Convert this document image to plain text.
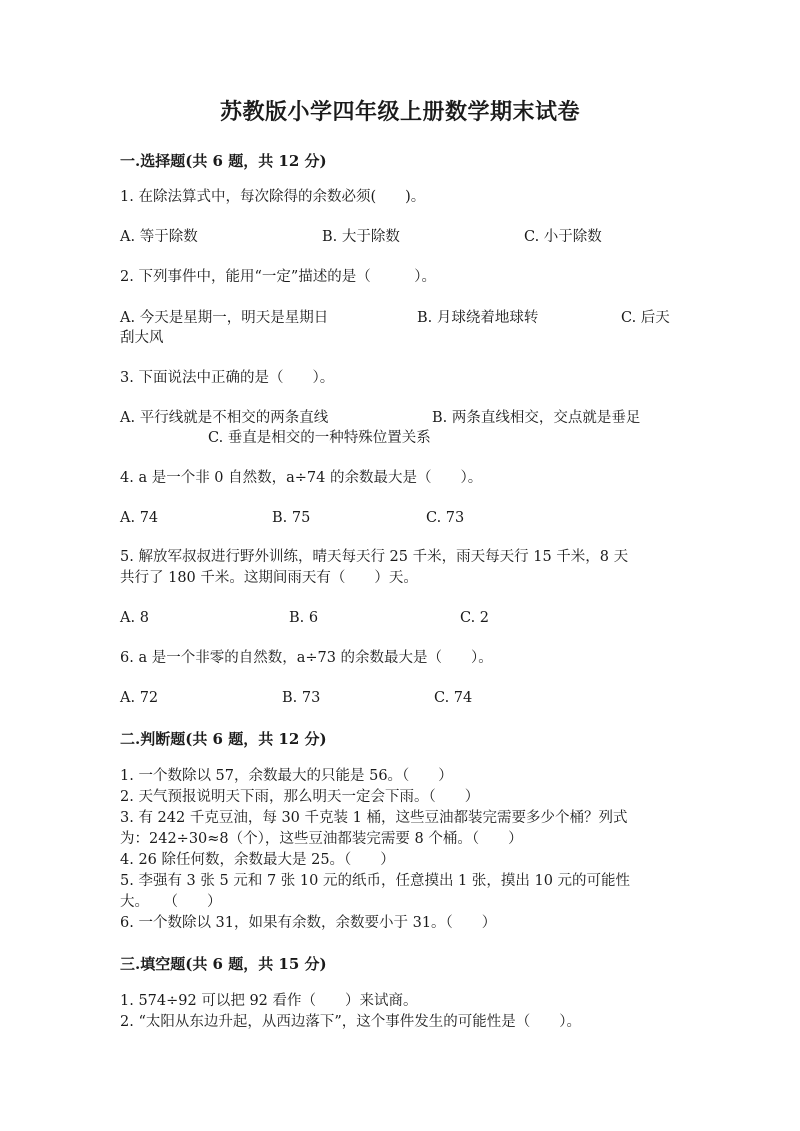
苏教版小学四年级上册数学期末试卷
一.选择题(共 6 题，共 12 分)
1. 在除法算式中，每次除得的余数必须(　　)。
A. 等于除数	B. 大于除数	C. 小于除数
2. 下列事件中，能用“一定”描述的是（　　　）。
A. 今天是星期一，明天是星期日	B. 月球绕着地球转	C. 后天
刮大风
3. 下面说法中正确的是（　　）。
A. 平行线就是不相交的两条直线	B. 两条直线相交，交点就是垂足
C. 垂直是相交的一种特殊位置关系
4. a 是一个非 0 自然数，a÷74 的余数最大是（　　）。
A. 74	B. 75	C. 73
5. 解放军叔叔进行野外训练，晴天每天行 25 千米，雨天每天行 15 千米，8 天
共行了 180 千米。这期间雨天有（　　）天。
A. 8	B. 6	C. 2
6. a 是一个非零的自然数，a÷73 的余数最大是（　　）。
A. 72	B. 73	C. 74
二.判断题(共 6 题，共 12 分)
1. 一个数除以 57，余数最大的只能是 56。（　　）
2. 天气预报说明天下雨，那么明天一定会下雨。（　　）
3. 有 242 千克豆油，每 30 千克装 1 桶，这些豆油都装完需要多少个桶？列式
为：242÷30≈8（个），这些豆油都装完需要 8 个桶。（　　）
4. 26 除任何数，余数最大是 25。（　　）
5. 李强有 3 张 5 元和 7 张 10 元的纸币，任意摸出 1 张，摸出 10 元的可能性
大。　　（　　）
6. 一个数除以 31，如果有余数，余数要小于 31。（　　）
三.填空题(共 6 题，共 15 分)
1. 574÷92 可以把 92 看作（　　）来试商。
2. “太阳从东边升起，从西边落下”，这个事件发生的可能性是（　　）。
